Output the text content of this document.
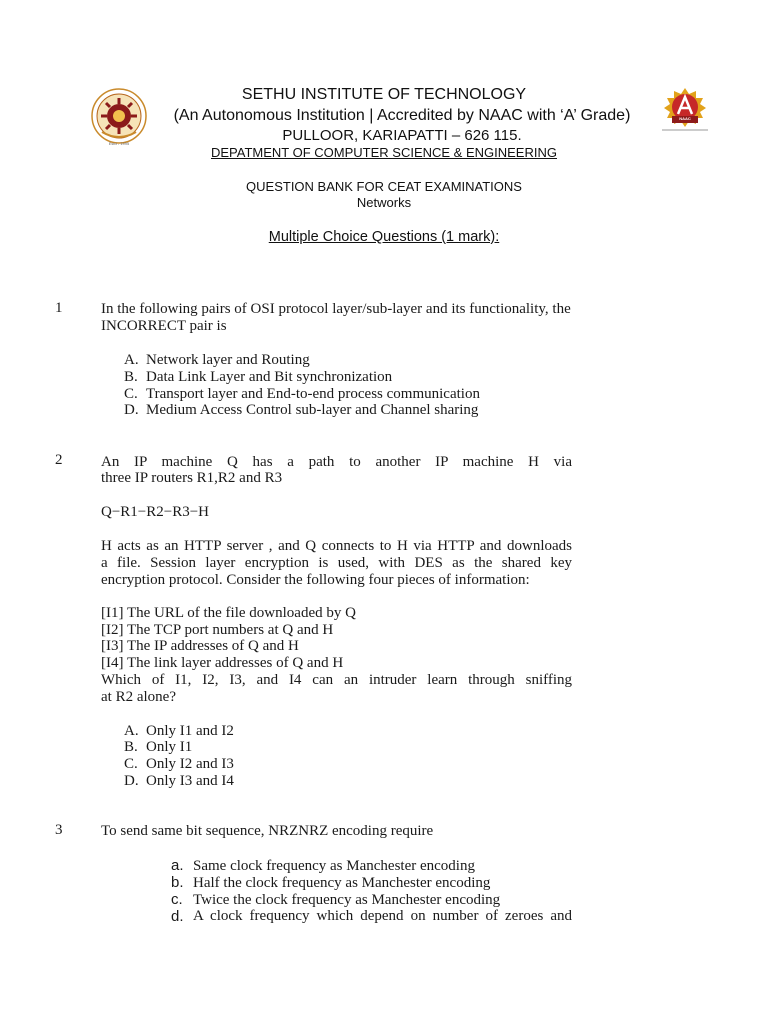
Estd - 1995
NAAC
SETHU INSTITUTE OF TECHNOLOGY
(An Autonomous Institution | Accredited by NAAC with ‘A’ Grade)
PULLOOR, KARIAPATTI – 626 115.
DEPATMENT OF COMPUTER SCIENCE & ENGINEERING
QUESTION BANK FOR CEAT EXAMINATIONS
Networks
Multiple Choice Questions (1 mark):
1	In the following pairs of OSI protocol layer/sub-layer and its functionality, the INCORRECT pair is
A. Network layer and Routing
B. Data Link Layer and Bit synchronization
C. Transport layer and End-to-end process communication
D. Medium Access Control sub-layer and Channel sharing
2	An IP machine Q has a path to another IP machine H via
three IP routers R1,R2 and R3
Q−R1−R2−R3−H
H acts as an HTTP server , and Q connects to H via HTTP and downloads
a file. Session layer encryption is used, with DES as the shared key
encryption protocol. Consider the following four pieces of information:
[I1] The URL of the file downloaded by Q
[I2] The TCP port numbers at Q and H
[I3] The IP addresses of Q and H
[I4] The link layer addresses of Q and H
Which of I1, I2, I3, and I4 can an intruder learn through sniffing
at R2 alone?
A. Only I1 and I2
B. Only I1
C. Only I2 and I3
D. Only I3 and I4
3	To send same bit sequence, NRZNRZ encoding require
a. Same clock frequency as Manchester encoding
b. Half the clock frequency as Manchester encoding
c. Twice the clock frequency as Manchester encoding
d. A clock frequency which depend on number of zeroes and
